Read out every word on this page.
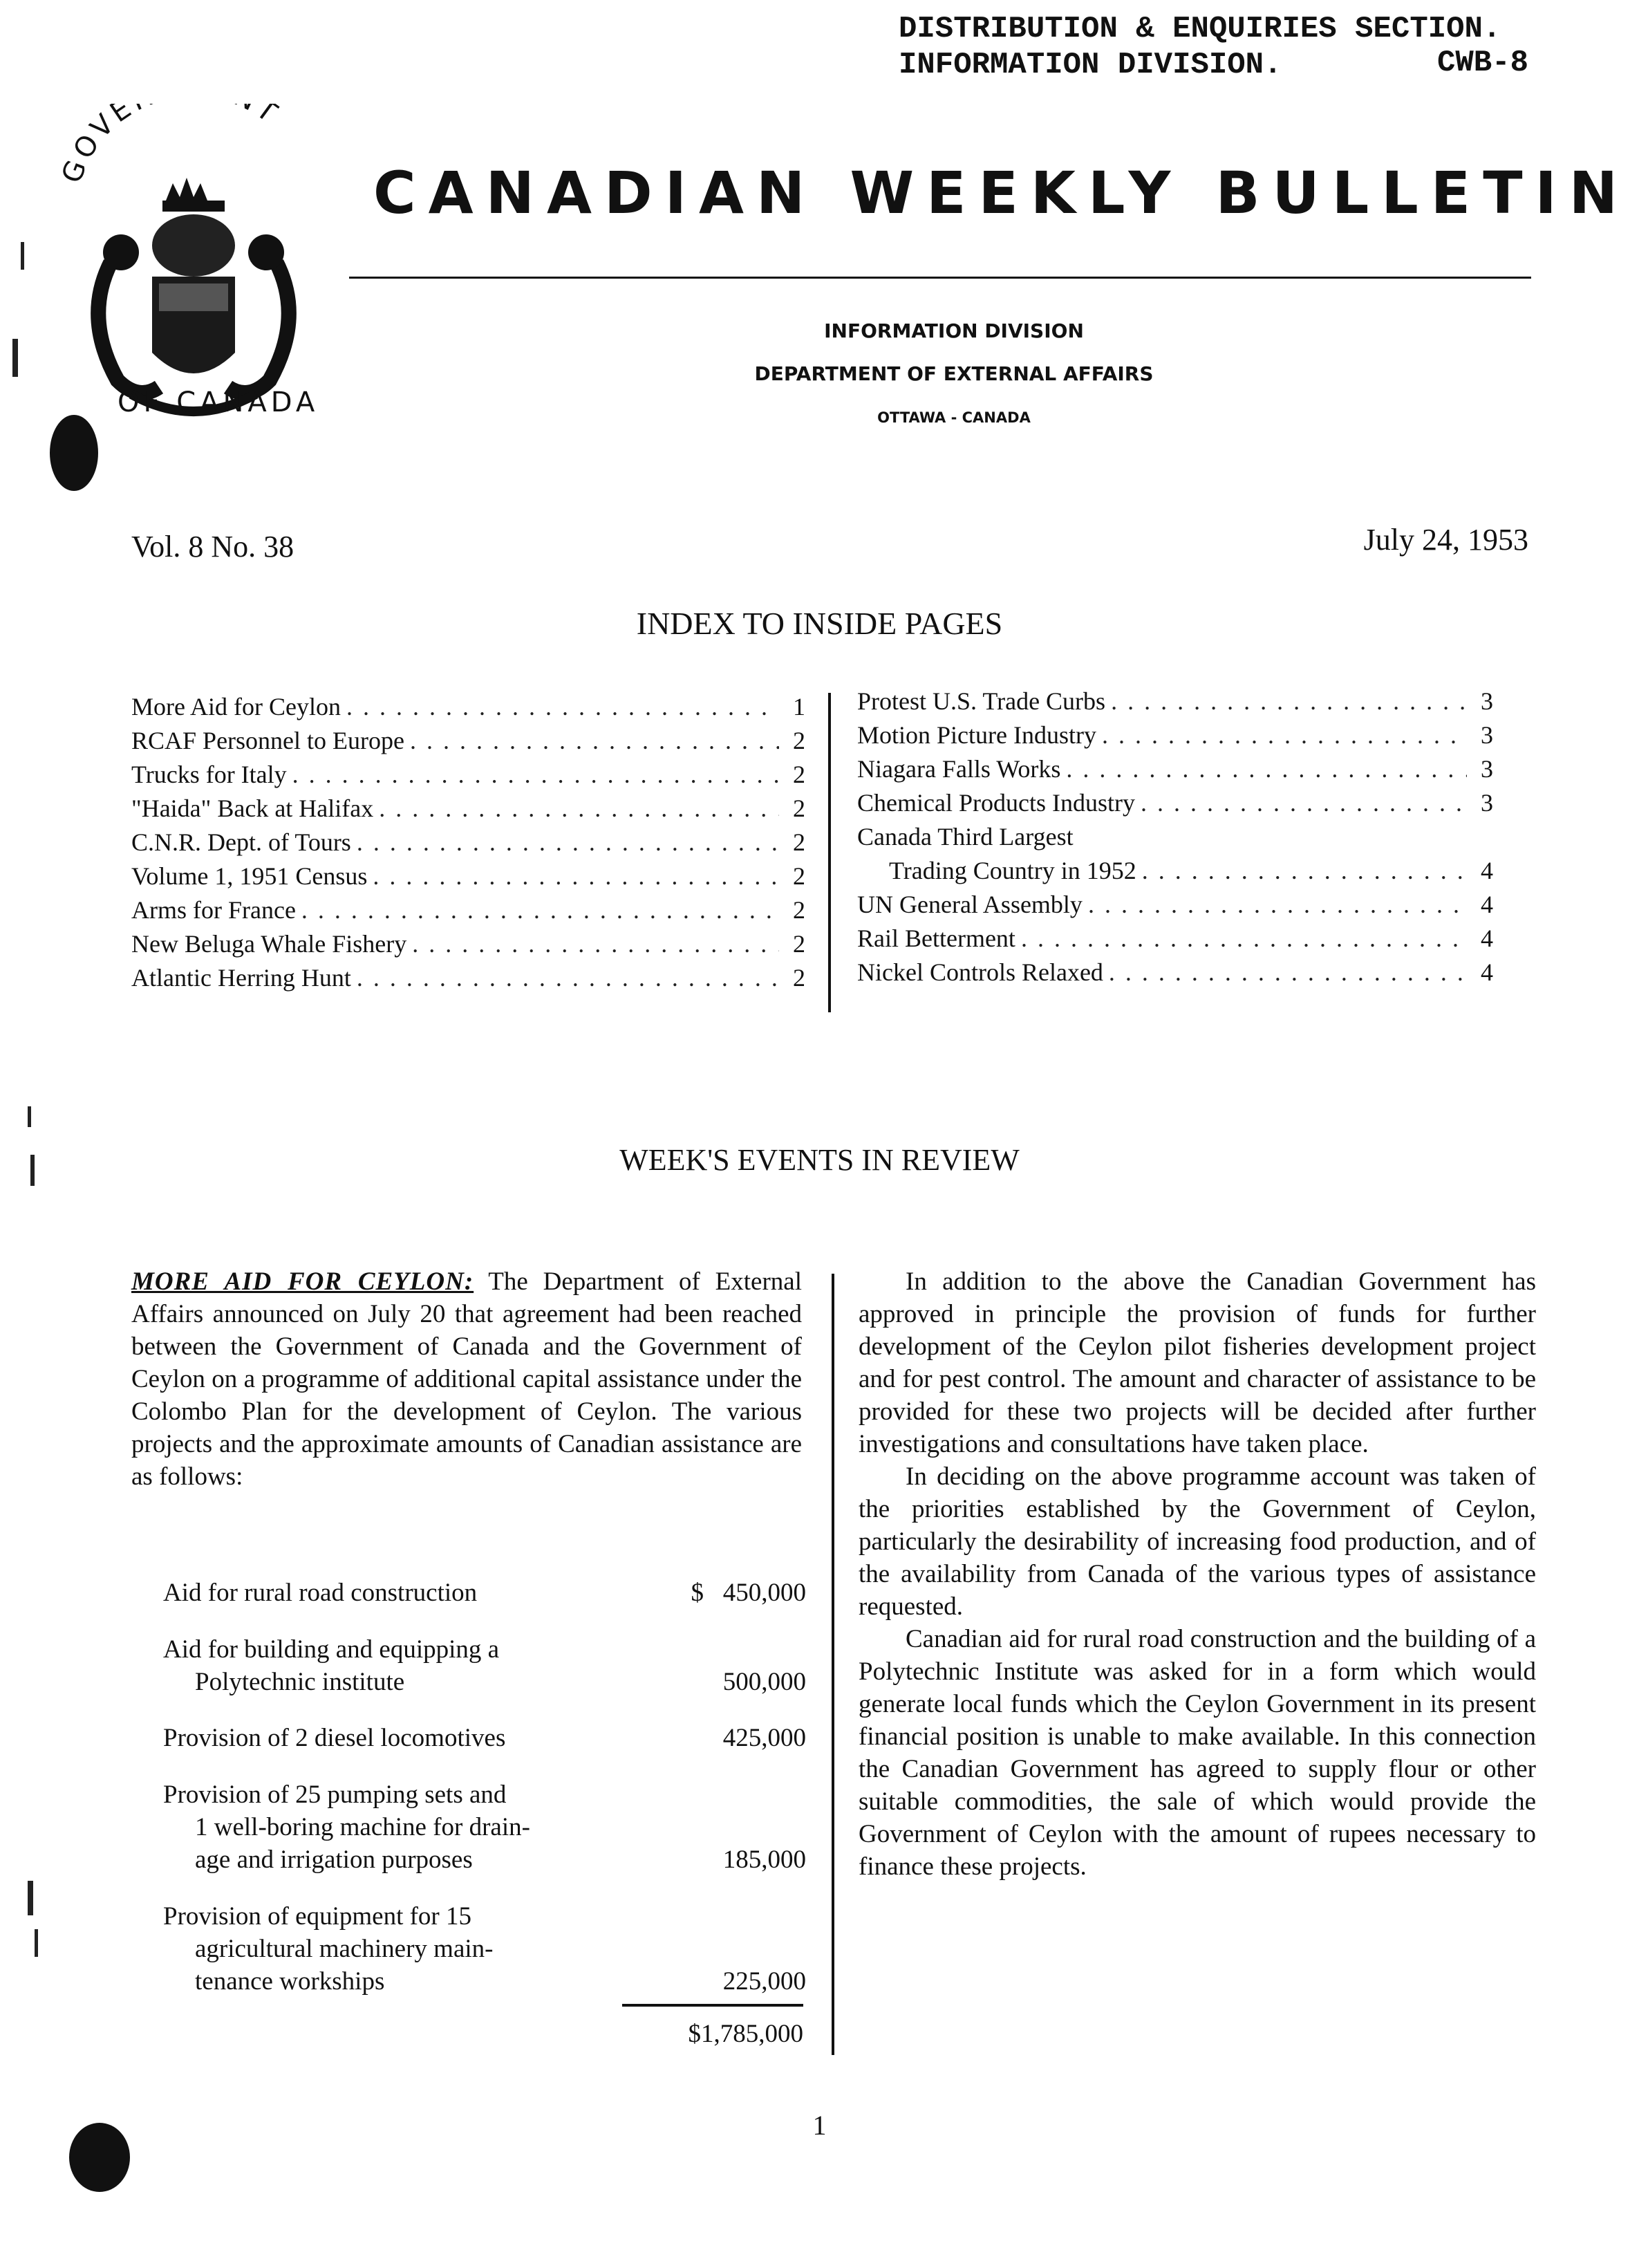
DISTRIBUTION & ENQUIRIES SECTION.
INFORMATION DIVISION.	CWB-8
GOVE T
OF CANADA
CANADIAN WEEKLY BULLETIN
INFORMATION DIVISION
DEPARTMENT OF EXTERNAL AFFAIRS
OTTAWA - CANADA
Vol. 8 No. 38	July 24, 1953
INDEX TO INSIDE PAGES
More Aid for Ceylon . . .	1
RCAF Personnel to Europe . . .	2
Trucks for Italy . . .	2
"Haida" Back at Halifax . . .	2
C.N.R. Dept. of Tours . . .	2
Volume 1, 1951 Census . . .	2
Arms for France . . .	2
New Beluga Whale Fishery . . .	2
Atlantic Herring Hunt . . .	2
Protest U.S. Trade Curbs . . .	3
Motion Picture Industry . . .	3
Niagara Falls Works . . .	3
Chemical Products Industry . . .	3
Canada Third Largest
Trading Country in 1952 . . .	4
UN General Assembly . . .	4
Rail Betterment . . .	4
Nickel Controls Relaxed . . .	4
WEEK'S EVENTS IN REVIEW

MORE AID FOR CEYLON: The Department of External Affairs announced on July 20 that agreement had been reached between the Government of Canada and the Government of Ceylon on a programme of additional capital assistance under the Colombo Plan for the development of Ceylon. The various projects and the approximate amounts of Canadian assistance are as follows:

Aid for rural road construction	$   450,000
Aid for building and equipping a
Polytechnic institute	500,000
Provision of 2 diesel locomotives	425,000
Provision of 25 pumping sets and
1 well-boring machine for drain-
age and irrigation purposes	185,000
Provision of equipment for 15
agricultural machinery main-
tenance workships	225,000
$1,785,000

In addition to the above the Canadian Government has approved in principle the provision of funds for further development of the Ceylon pilot fisheries development project and for pest control. The amount and character of assistance to be provided for these two projects will be decided after further investigations and consultations have taken place.

In deciding on the above programme account was taken of the priorities established by the Government of Ceylon, particularly the desirability of increasing food production, and of the availability from Canada of the various types of assistance requested.

Canadian aid for rural road construction and the building of a Polytechnic Institute was asked for in a form which would generate local funds which the Ceylon Government in its present financial position is unable to make available. In this connection the Canadian Government has agreed to supply flour or other suitable commodities, the sale of which would provide the Government of Ceylon with the amount of rupees necessary to finance these projects.

1
